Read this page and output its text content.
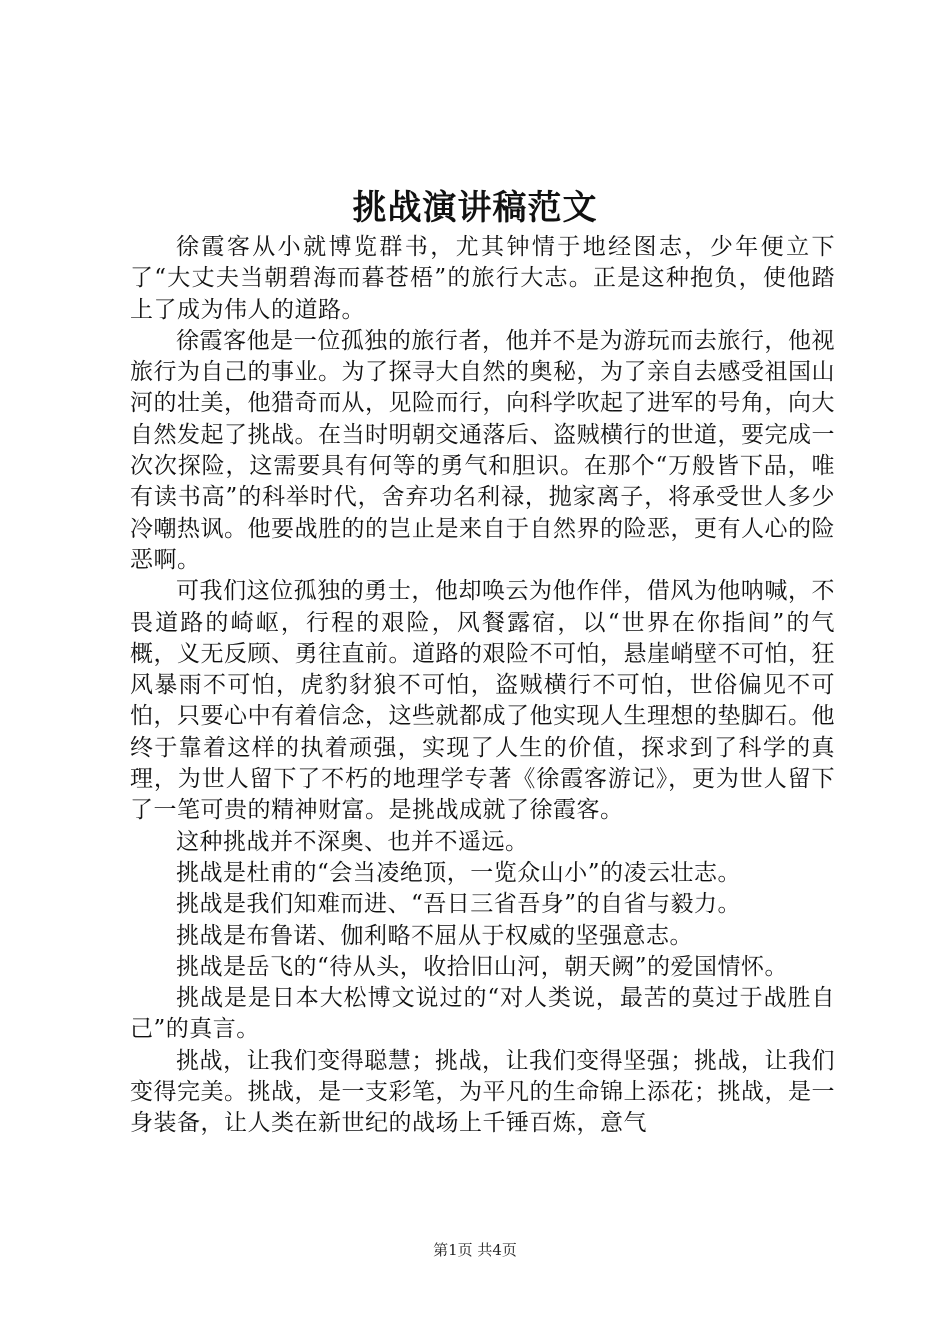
挑战演讲稿范文

徐霞客从小就博览群书，尤其钟情于地经图志，少年便立下了“大丈夫当朝碧海而暮苍梧”的旅行大志。正是这种抱负，使他踏上了成为伟人的道路。

徐霞客他是一位孤独的旅行者，他并不是为游玩而去旅行，他视旅行为自己的事业。为了探寻大自然的奥秘，为了亲自去感受祖国山河的壮美，他猎奇而从，见险而行，向科学吹起了进军的号角，向大自然发起了挑战。在当时明朝交通落后、盗贼横行的世道，要完成一次次探险，这需要具有何等的勇气和胆识。在那个“万般皆下品，唯有读书高”的科举时代，舍弃功名利禄，抛家离子，将承受世人多少冷嘲热讽。他要战胜的的岂止是来自于自然界的险恶，更有人心的险恶啊。

可我们这位孤独的勇士，他却唤云为他作伴，借风为他呐喊，不畏道路的崎岖，行程的艰险，风餐露宿，以“世界在你指间”的气概，义无反顾、勇往直前。道路的艰险不可怕，悬崖峭壁不可怕，狂风暴雨不可怕，虎豹豺狼不可怕，盗贼横行不可怕，世俗偏见不可怕，只要心中有着信念，这些就都成了他实现人生理想的垫脚石。他终于靠着这样的执着顽强，实现了人生的价值，探求到了科学的真理，为世人留下了不朽的地理学专著《徐霞客游记》，更为世人留下了一笔可贵的精神财富。是挑战成就了徐霞客。

这种挑战并不深奥、也并不遥远。

挑战是杜甫的“会当凌绝顶，一览众山小”的凌云壮志。

挑战是我们知难而进、“吾日三省吾身”的自省与毅力。

挑战是布鲁诺、伽利略不屈从于权威的坚强意志。

挑战是岳飞的“待从头，收拾旧山河，朝天阙”的爱国情怀。

挑战是是日本大松博文说过的“对人类说，最苦的莫过于战胜自己”的真言。

挑战，让我们变得聪慧；挑战，让我们变得坚强；挑战，让我们变得完美。挑战，是一支彩笔，为平凡的生命锦上添花；挑战，是一身装备，让人类在新世纪的战场上千锤百炼，意气

第1页 共4页
